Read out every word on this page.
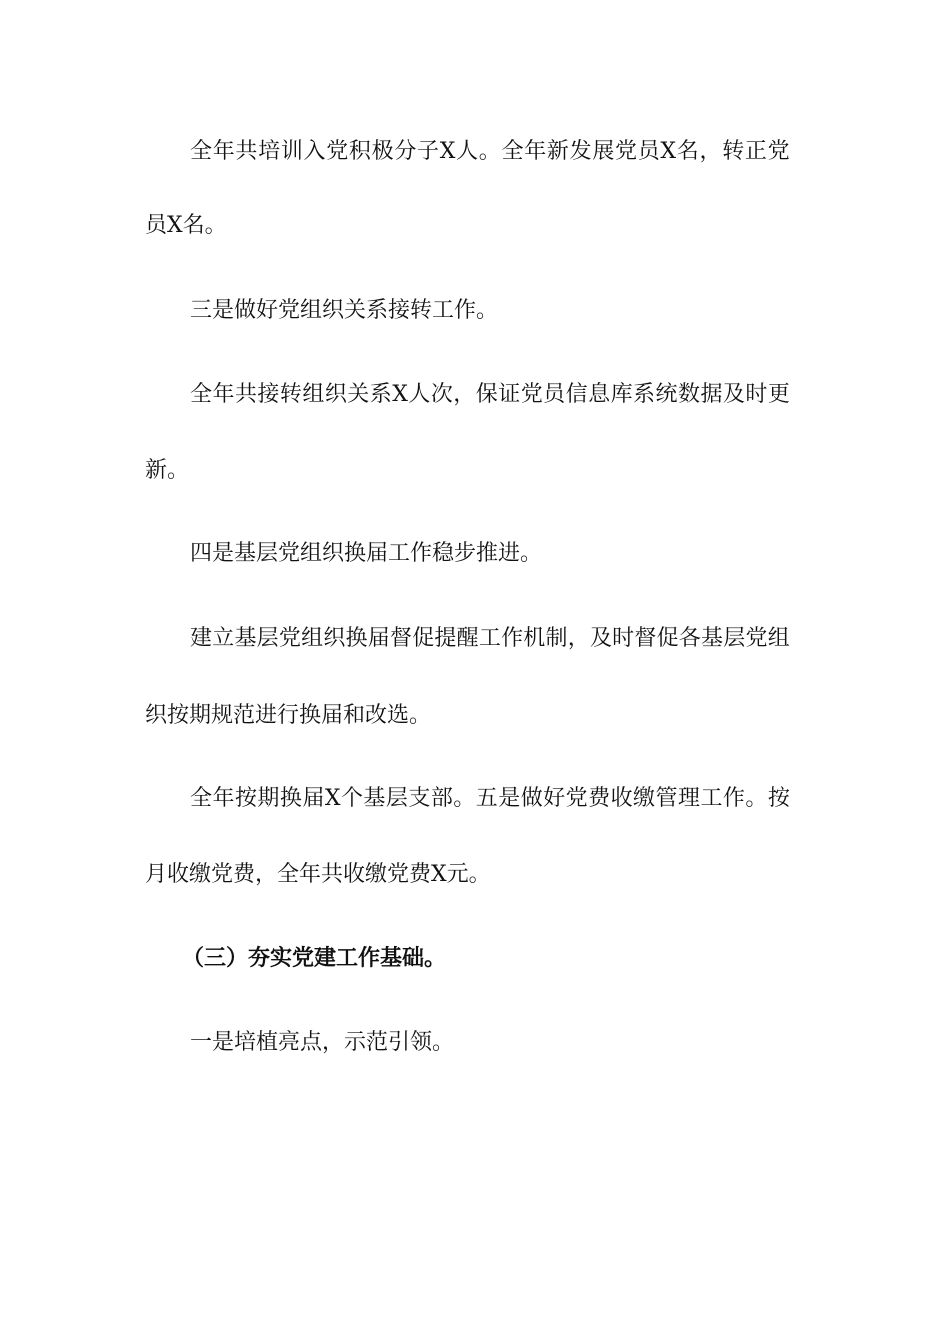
全 年 共 培 训 入 党 积 极 分 子 X 人 。 全 年 新 发 展 党 员 X 名 ， 转 正 党
员X名。
三是做好党组织关系接转工作。
全 年 共 接 转 组 织 关 系 X 人 次 ， 保 证 党 员 信 息 库 系 统 数 据 及 时 更
新。
四是基层党组织换届工作稳步推进。
建 立 基 层 党 组 织 换 届 督 促 提 醒 工 作 机 制 ， 及 时 督 促 各 基 层 党 组
织按期规范进行换届和改选。
全 年 按 期 换 届 X 个 基 层 支 部 。 五 是 做 好 党 费 收 缴 管 理 工 作 。 按
月收缴党费，全年共收缴党费X元。
（三）夯实党建工作基础。
一是培植亮点，示范引领。
